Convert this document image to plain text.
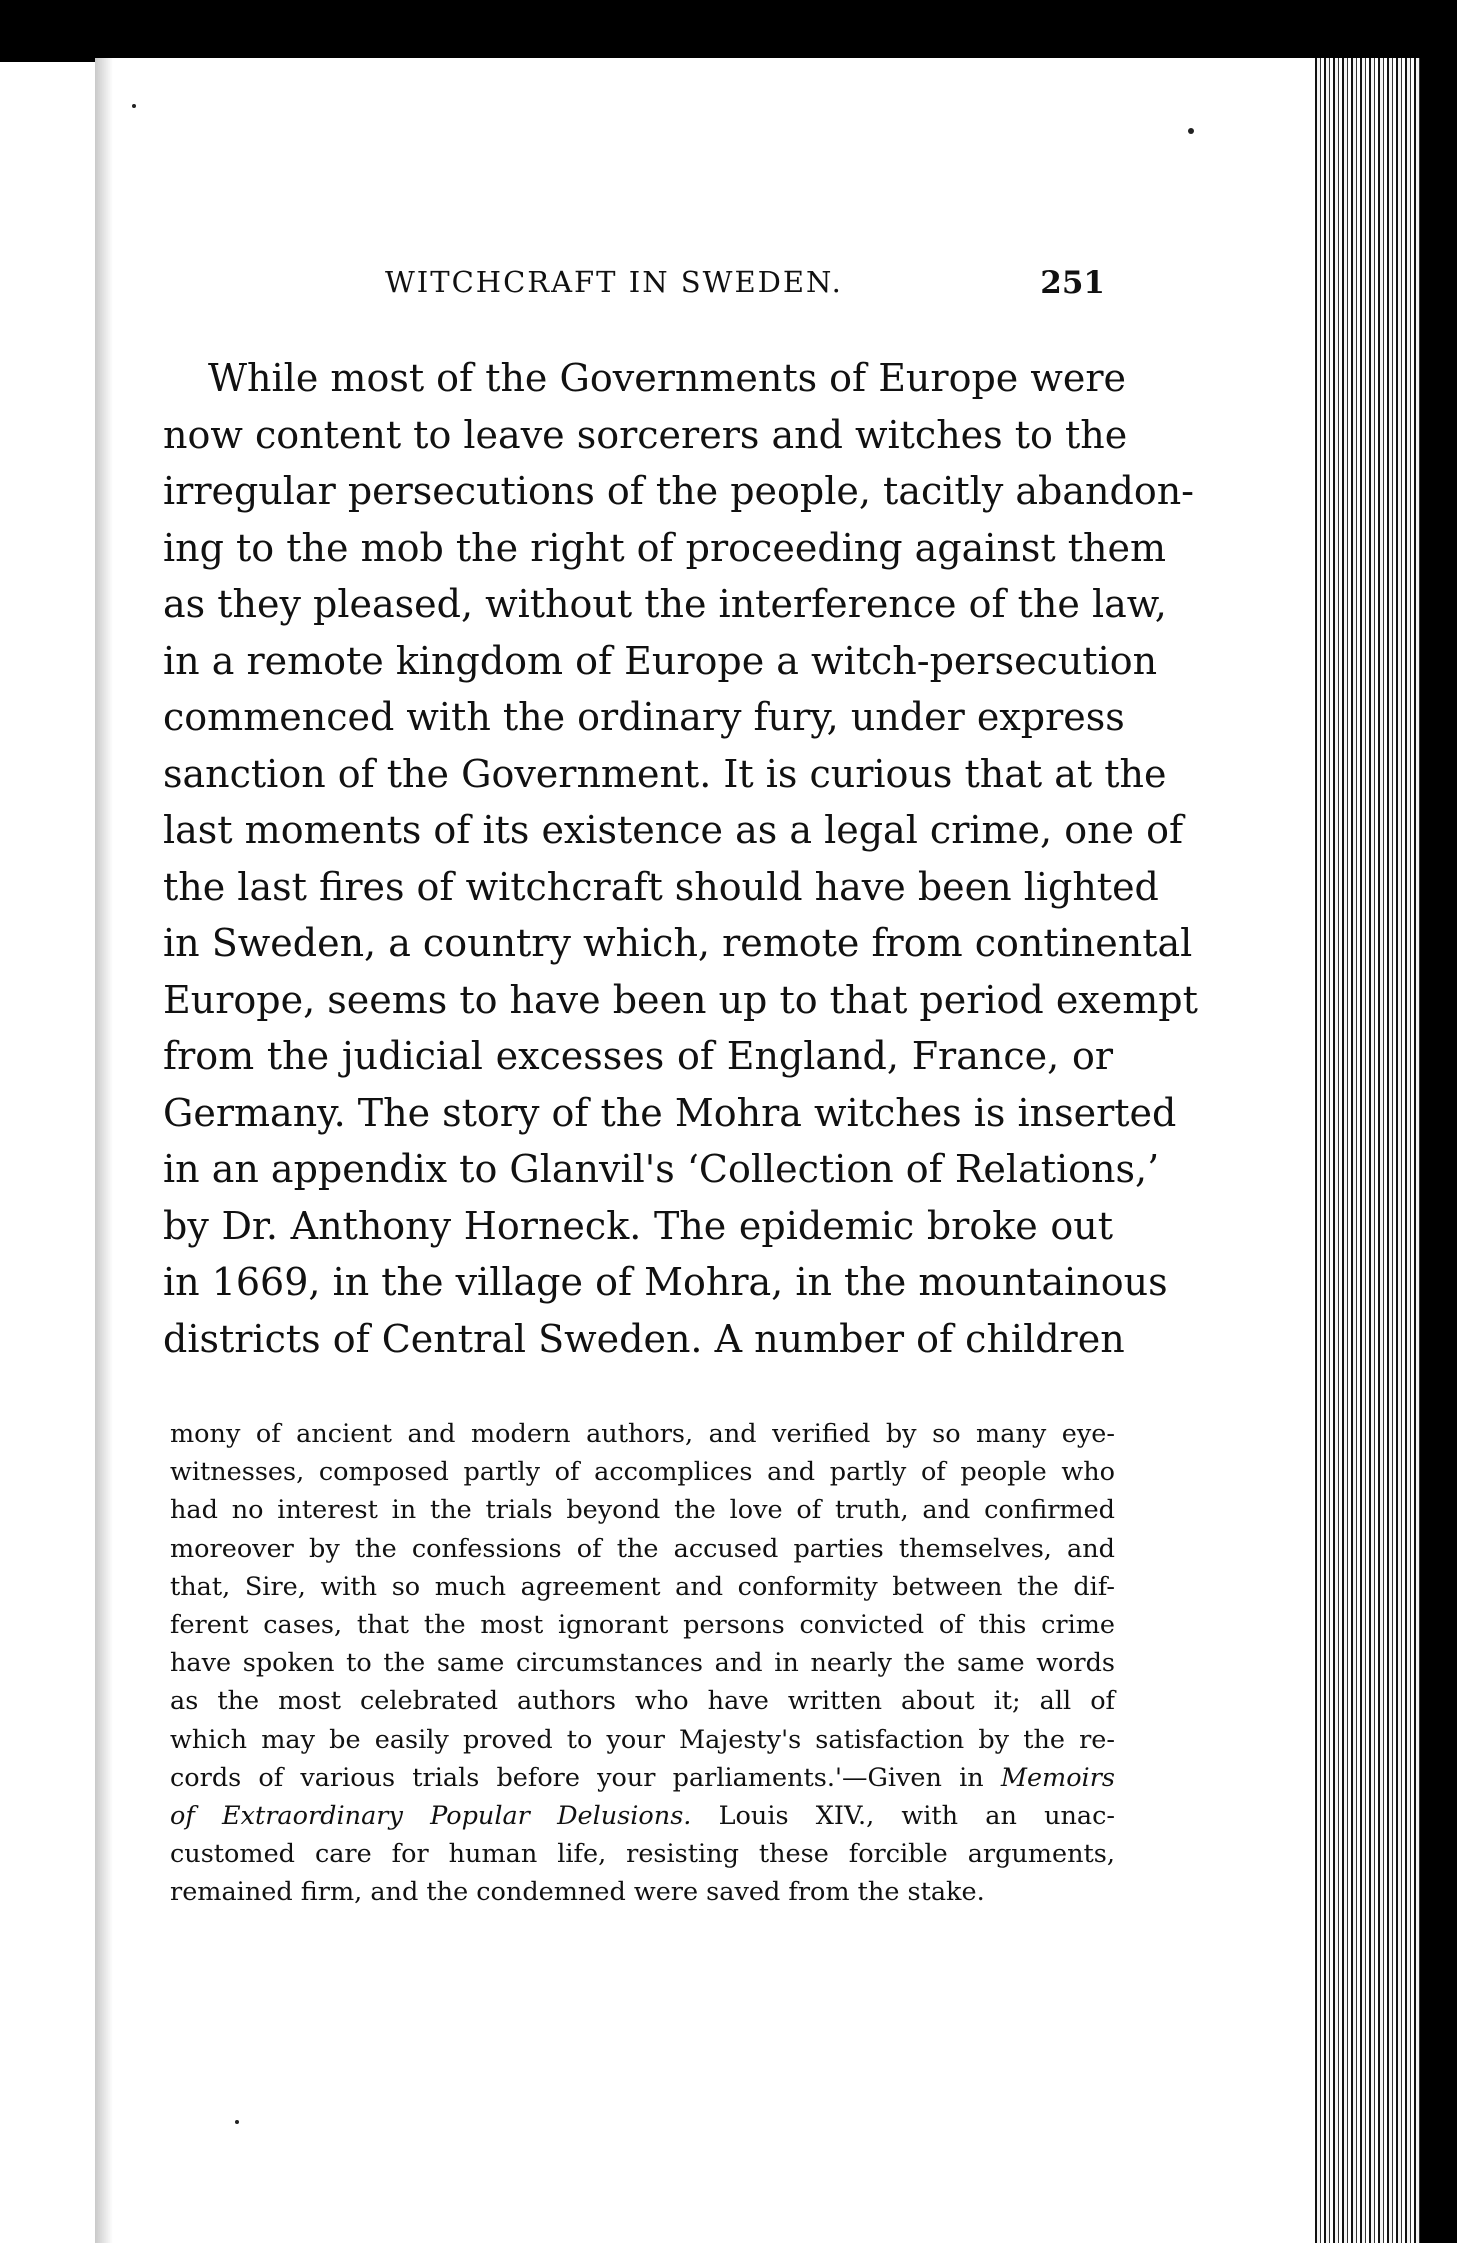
WITCHCRAFT IN SWEDEN.	251
While most of the Governments of Europe were
now content to leave sorcerers and witches to the
irregular persecutions of the people, tacitly abandon-
ing to the mob the right of proceeding against them
as they pleased, without the interference of the law,
in a remote kingdom of Europe a witch-persecution
commenced with the ordinary fury, under express
sanction of the Government. It is curious that at the
last moments of its existence as a legal crime, one of
the last fires of witchcraft should have been lighted
in Sweden, a country which, remote from continental
Europe, seems to have been up to that period exempt
from the judicial excesses of England, France, or
Germany. The story of the Mohra witches is inserted
in an appendix to Glanvil's ‘Collection of Relations,’
by Dr. Anthony Horneck. The epidemic broke out
in 1669, in the village of Mohra, in the mountainous
districts of Central Sweden. A number of children
mony of ancient and modern authors, and verified by so many eye-
witnesses, composed partly of accomplices and partly of people who
had no interest in the trials beyond the love of truth, and confirmed
moreover by the confessions of the accused parties themselves, and
that, Sire, with so much agreement and conformity between the dif-
ferent cases, that the most ignorant persons convicted of this crime
have spoken to the same circumstances and in nearly the same words
as the most celebrated authors who have written about it; all of
which may be easily proved to your Majesty's satisfaction by the re-
cords of various trials before your parliaments.'—Given in Memoirs
of Extraordinary Popular Delusions. Louis XIV., with an unac-
customed care for human life, resisting these forcible arguments,
remained firm, and the condemned were saved from the stake.
